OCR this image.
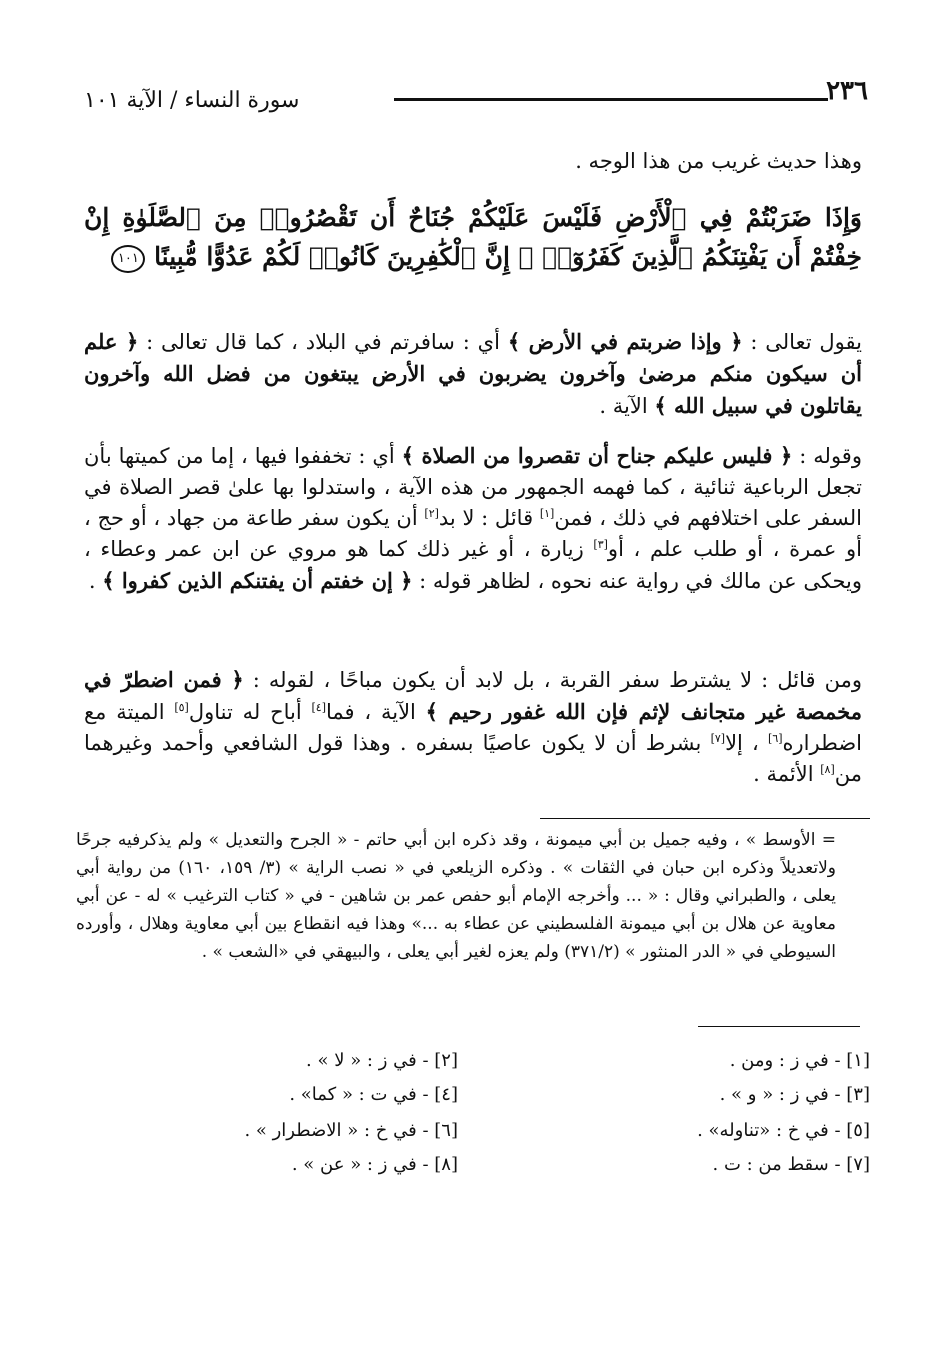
٢٣٦
سورة النساء / الآية ١٠١
وهذا حديث غريب من هذا الوجه .
وَإِذَا ضَرَبْتُمْ فِي ٱلْأَرْضِ فَلَيْسَ عَلَيْكُمْ جُنَاحٌ أَن تَقْصُرُوا۟ مِنَ ٱلصَّلَوٰةِ إِنْ خِفْتُمْ أَن يَفْتِنَكُمُ ٱلَّذِينَ كَفَرُوٓا۟ ۚ إِنَّ ٱلْكَٰفِرِينَ كَانُوا۟ لَكُمْ عَدُوًّا مُّبِينًا ١٠١
يقول تعالى : ﴿ وإذا ضربتم في الأرض ﴾ أي : سافرتم في البلاد ، كما قال تعالى : ﴿ علم أن سيكون منكم مرضىٰ وآخرون يضربون في الأرض يبتغون من فضل الله وآخرون يقاتلون في سبيل الله ﴾ الآية .
وقوله : ﴿ فليس عليكم جناح أن تقصروا من الصلاة ﴾ أي : تخففوا فيها ، إما من كميتها بأن تجعل الرباعية ثنائية ، كما فهمه الجمهور من هذه الآية ، واستدلوا بها علىٰ قصر الصلاة في السفر على اختلافهم في ذلك ، فمن[١] قائل : لا بد[٢] أن يكون سفر طاعة من جهاد ، أو حج ، أو عمرة ، أو طلب علم ، أو[٣] زيارة ، أو غير ذلك كما هو مروي عن ابن عمر وعطاء ، ويحكى عن مالك في رواية عنه نحوه ، لظاهر قوله : ﴿ إن خفتم أن يفتنكم الذين كفروا ﴾ .
ومن قائل : لا يشترط سفر القربة ، بل لابد أن يكون مباحًا ، لقوله : ﴿ فمن اضطرّ في مخمصة غير متجانف لإثم فإن الله غفور رحيم ﴾ الآية ، فما[٤] أباح له تناول[٥] الميتة مع اضطراره[٦] ، إلا[٧] بشرط أن لا يكون عاصيًا بسفره . وهذا قول الشافعي وأحمد وغيرهما من[٨] الأئمة .
= الأوسط » ، وفيه جميل بن أبي ميمونة ، وقد ذكره ابن أبي حاتم - « الجرح والتعديل » ولم يذكرفيه جرحًا ولاتعديلاً وذكره ابن حبان في الثقات » . وذكره الزيلعي في « نصب الراية » (٣/ ١٥٩، ١٦٠) من رواية أبي يعلى ، والطبراني وقال : « ... وأخرجه الإمام أبو حفص عمر بن شاهين - في « كتاب الترغيب » له - عن أبي معاوية عن هلال بن أبي ميمونة الفلسطيني عن عطاء به ...» وهذا فيه انقطاع بين أبي معاوية وهلال ، وأورده السيوطي في « الدر المنثور » (٣٧١/٢) ولم يعزه لغير أبي يعلى ، والبيهقي في «الشعب » .
[١] - في ز : ومن .
[٢] - في ز : « لا » .
[٣] - في ز : « و » .
[٤] - في ت : « كما» .
[٥] - في خ : «تناوله» .
[٦] - في خ : « الاضطرار » .
[٧] - سقط من : ت .
[٨] - في ز : « عن » .
